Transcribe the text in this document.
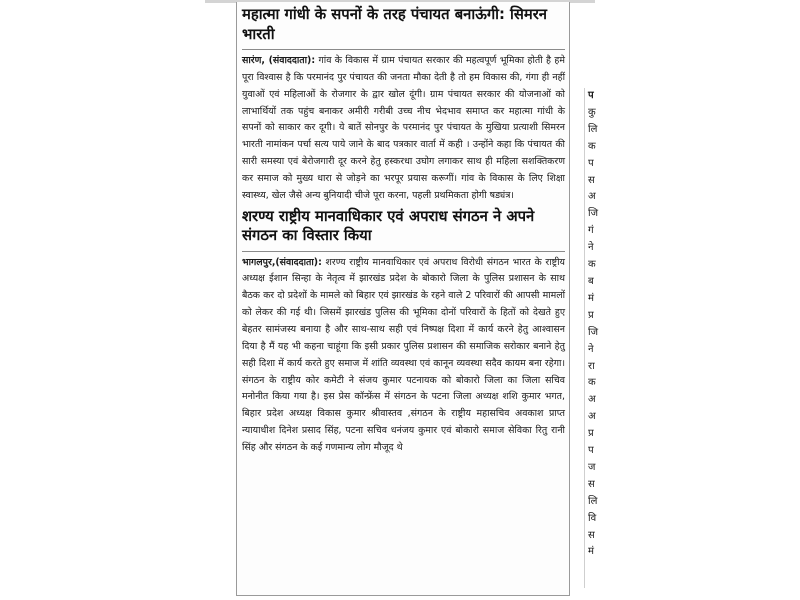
महात्मा गांधी के सपनों के तरह पंचायत बनाऊंगी: सिमरन भारती

सारंण, (संवाददाता): गांव के विकास में ग्राम पंचायत सरकार की महत्वपूर्ण भूमिका होती है हमे पूरा विश्वास है कि परमानंद पुर पंचायत की जनता मौका देती है तो हम विकास की, गंगा ही नहीं युवाओं एवं महिलाओं के रोजगार के द्वार खोल दूंगी। ग्राम पंचायत सरकार की योजनाओं को लाभार्थियों तक पहुंच बनाकर अमीरी गरीबी उच्च नीच भेदभाव समाप्त कर महात्मा गांधी के सपनों को साकार कर दूगी। ये बातें सोनपुर के परमानंद पुर पंचायत के मुखिया प्रत्याशी सिमरन भारती नामांकन पर्चा सत्य पाये जाने के बाद पत्रकार वार्ता में कही । उन्होंने कहा कि पंचायत की सारी समस्या एवं बेरोजगारी दूर करने हेतु हस्करधा उघोग लगाकर साथ ही महिला सशक्तिकरण कर समाज को मुख्य धारा से जोड़ने का भरपूर प्रयास करूगीं। गांव के विकास के लिए शिक्षा स्वास्थ्य, खेल जैसे अन्य बुनियादी चीजे पूरा करना, पहली प्रथमिकता होगी षड्यंत्र।

शरण्य राष्ट्रीय मानवाधिकार एवं अपराध संगठन ने अपने संगठन का विस्तार किया

भागलपुर,(संवाददाता): शरण्य राष्ट्रीय मानवाधिकार एवं अपराध विरोधी संगठन भारत के राष्ट्रीय अध्यक्ष ईशान सिन्हा के नेतृत्व में झारखंड प्रदेश के बोकारो जिला के पुलिस प्रशासन के साथ बैठक कर दो प्रदेशों के मामले को बिहार एवं झारखंड के रहने वाले 2 परिवारों की आपसी मामलों को लेकर की गई थी। जिसमें झारखंड पुलिस की भूमिका दोनों परिवारों के हितों को देखते हुए बेहतर सामंजस्य बनाया है और साथ-साथ सही एवं निष्पक्ष दिशा में कार्य करने हेतु आश्वासन दिया है मैं यह भी कहना चाहूंगा कि इसी प्रकार पुलिस प्रशासन की समाजिक सरोकार बनाने हेतु सही दिशा में कार्य करते हुए समाज में शांति व्यवस्था एवं कानून व्यवस्था सदैव कायम बना रहेगा। संगठन के राष्ट्रीय कोर कमेटी ने संजय कुमार पटनायक को बोकारो जिला का जिला सचिव मनोनीत किया गया है। इस प्रेस कॉन्फ्रेंस में संगठन के पटना जिला अध्यक्ष शशि कुमार भगत, बिहार प्रदेश अध्यक्ष विकास कुमार श्रीवास्तव ,संगठन के राष्ट्रीय महासचिव अवकाश प्राप्त न्यायाधीश दिनेश प्रसाद सिंह, पटना सचिव धनंजय कुमार एवं बोकारो समाज सेविका रितु रानी सिंह और संगठन के कई गणमान्य लोग मौजूद थे

प
कु
लि
क
प
स
अ
जि
गं
ने
क
ब
मं
प्र
जि
ने
रा
क
अ
अ
प्र
प
ज
स
लि
वि
स
मं
